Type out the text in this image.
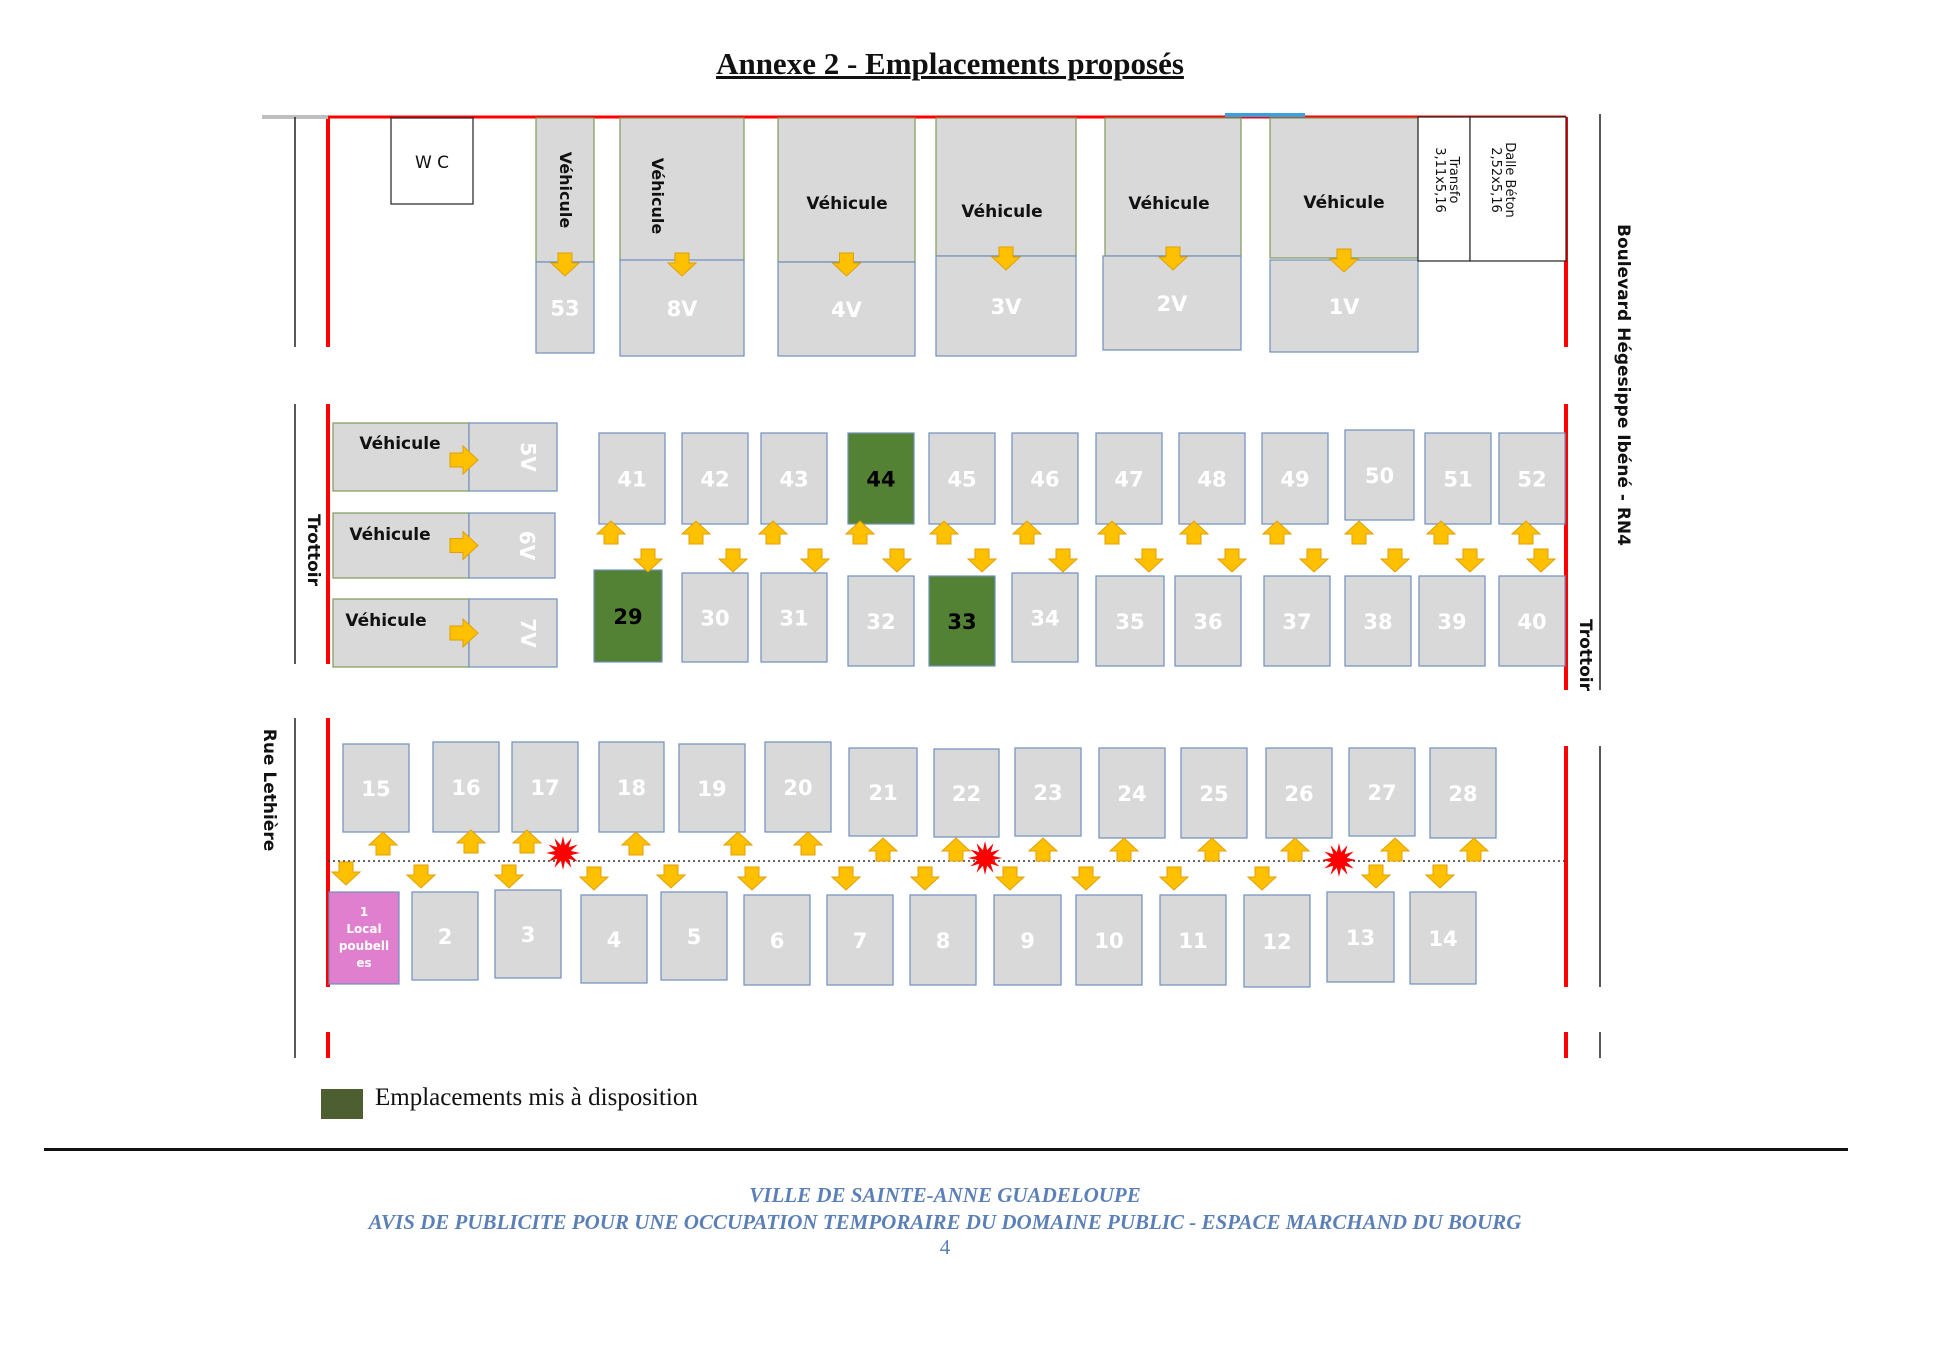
Annexe 2 - Emplacements proposés
W C
53	8V	4V	3V	2V	1V
Véhicule	Véhicule	Véhicule	Véhicule	Véhicule	Véhicule	Transfo
3,11x5,16	Dalle Béton
2,52x5,16
Boulevard Hégesippe Ibéné - RN4
Trottoir
Trottoir
Rue Lethière
5V
Véhicule
6V
Véhicule
7V
Véhicule
41	42 43	44 45	46	47	48	49	50 51 52
29	30 31	32 33	34	35 36	37 38 39 40
15	16 17	18 19	20	21	22 23	24	25	26	27 28
1
Local
poubell
es
2	3	4	5	6	7	8	9	10	11	12	13	14
Emplacements mis à disposition
VILLE DE SAINTE-ANNE GUADELOUPE
AVIS DE PUBLICITE POUR UNE OCCUPATION TEMPORAIRE DU DOMAINE PUBLIC - ESPACE MARCHAND DU BOURG
4
